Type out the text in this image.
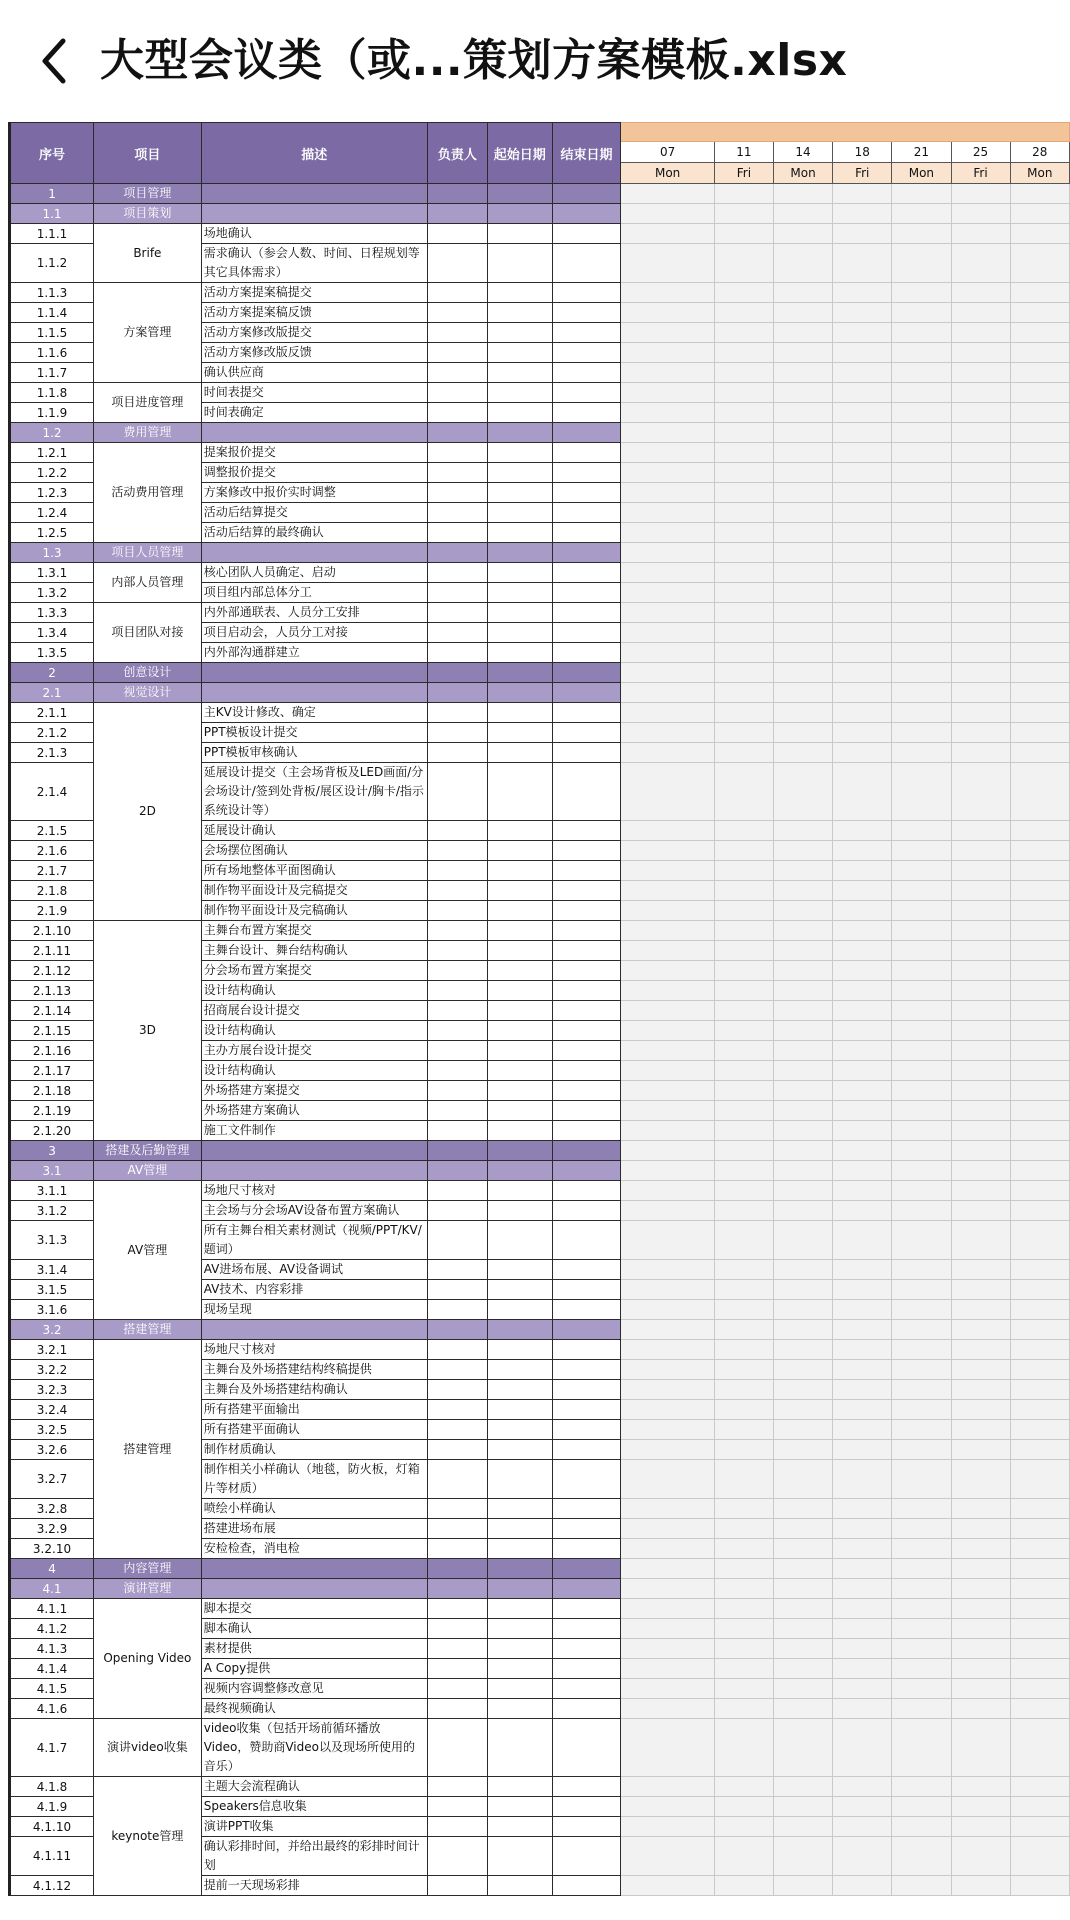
大型会议类（或...策划方案模板.xlsx
序号	项目	描述	负责人	起始日期	结束日期							
						07	11	14	18	21	25	28
						Mon	Fri	Mon	Fri	Mon	Fri	Mon
1	项目管理											
1.1	项目策划											
1.1.1	Brife	场地确认										
1.1.2		需求确认（参会人数、时间、日程规划等其它具体需求）										
1.1.3	方案管理	活动方案提案稿提交										
1.1.4		活动方案提案稿反馈										
1.1.5		活动方案修改版提交										
1.1.6		活动方案修改版反馈										
1.1.7		确认供应商										
1.1.8	项目进度管理	时间表提交										
1.1.9		时间表确定										
1.2	费用管理											
1.2.1	活动费用管理	提案报价提交										
1.2.2		调整报价提交										
1.2.3		方案修改中报价实时调整										
1.2.4		活动后结算提交										
1.2.5		活动后结算的最终确认										
1.3	项目人员管理											
1.3.1	内部人员管理	核心团队人员确定、启动										
1.3.2		项目组内部总体分工										
1.3.3	项目团队对接	内外部通联表、人员分工安排										
1.3.4		项目启动会，人员分工对接										
1.3.5		内外部沟通群建立										
2	创意设计											
2.1	视觉设计											
2.1.1	2D	主KV设计修改、确定										
2.1.2		PPT模板设计提交										
2.1.3		PPT模板审核确认										
2.1.4		延展设计提交（主会场背板及LED画面/分会场设计/签到处背板/展区设计/胸卡/指示系统设计等）										
2.1.5		延展设计确认										
2.1.6		会场摆位图确认										
2.1.7		所有场地整体平面图确认										
2.1.8		制作物平面设计及完稿提交										
2.1.9		制作物平面设计及完稿确认										
2.1.10	3D	主舞台布置方案提交										
2.1.11		主舞台设计、舞台结构确认										
2.1.12		分会场布置方案提交										
2.1.13		设计结构确认										
2.1.14		招商展台设计提交										
2.1.15		设计结构确认										
2.1.16		主办方展台设计提交										
2.1.17		设计结构确认										
2.1.18		外场搭建方案提交										
2.1.19		外场搭建方案确认										
2.1.20		施工文件制作										
3	搭建及后勤管理											
3.1	AV管理											
3.1.1	AV管理	场地尺寸核对										
3.1.2		主会场与分会场AV设备布置方案确认										
3.1.3		所有主舞台相关素材测试（视频/PPT/KV/题词）										
3.1.4		AV进场布展、AV设备调试										
3.1.5		AV技术、内容彩排										
3.1.6		现场呈现										
3.2	搭建管理											
3.2.1	搭建管理	场地尺寸核对										
3.2.2		主舞台及外场搭建结构终稿提供										
3.2.3		主舞台及外场搭建结构确认										
3.2.4		所有搭建平面输出										
3.2.5		所有搭建平面确认										
3.2.6		制作材质确认										
3.2.7		制作相关小样确认（地毯，防火板，灯箱片等材质）										
3.2.8		喷绘小样确认										
3.2.9		搭建进场布展										
3.2.10		安检检查，消电检										
4	内容管理											
4.1	演讲管理											
4.1.1	Opening Video	脚本提交										
4.1.2		脚本确认										
4.1.3		素材提供										
4.1.4		A Copy提供										
4.1.5		视频内容调整修改意见										
4.1.6		最终视频确认										
4.1.7	演讲video收集	video收集（包括开场前循环播放Video，赞助商Video以及现场所使用的音乐）										
4.1.8	keynote管理	主题大会流程确认										
4.1.9		Speakers信息收集										
4.1.10		演讲PPT收集										
4.1.11		确认彩排时间，并给出最终的彩排时间计划										
4.1.12		提前一天现场彩排										
